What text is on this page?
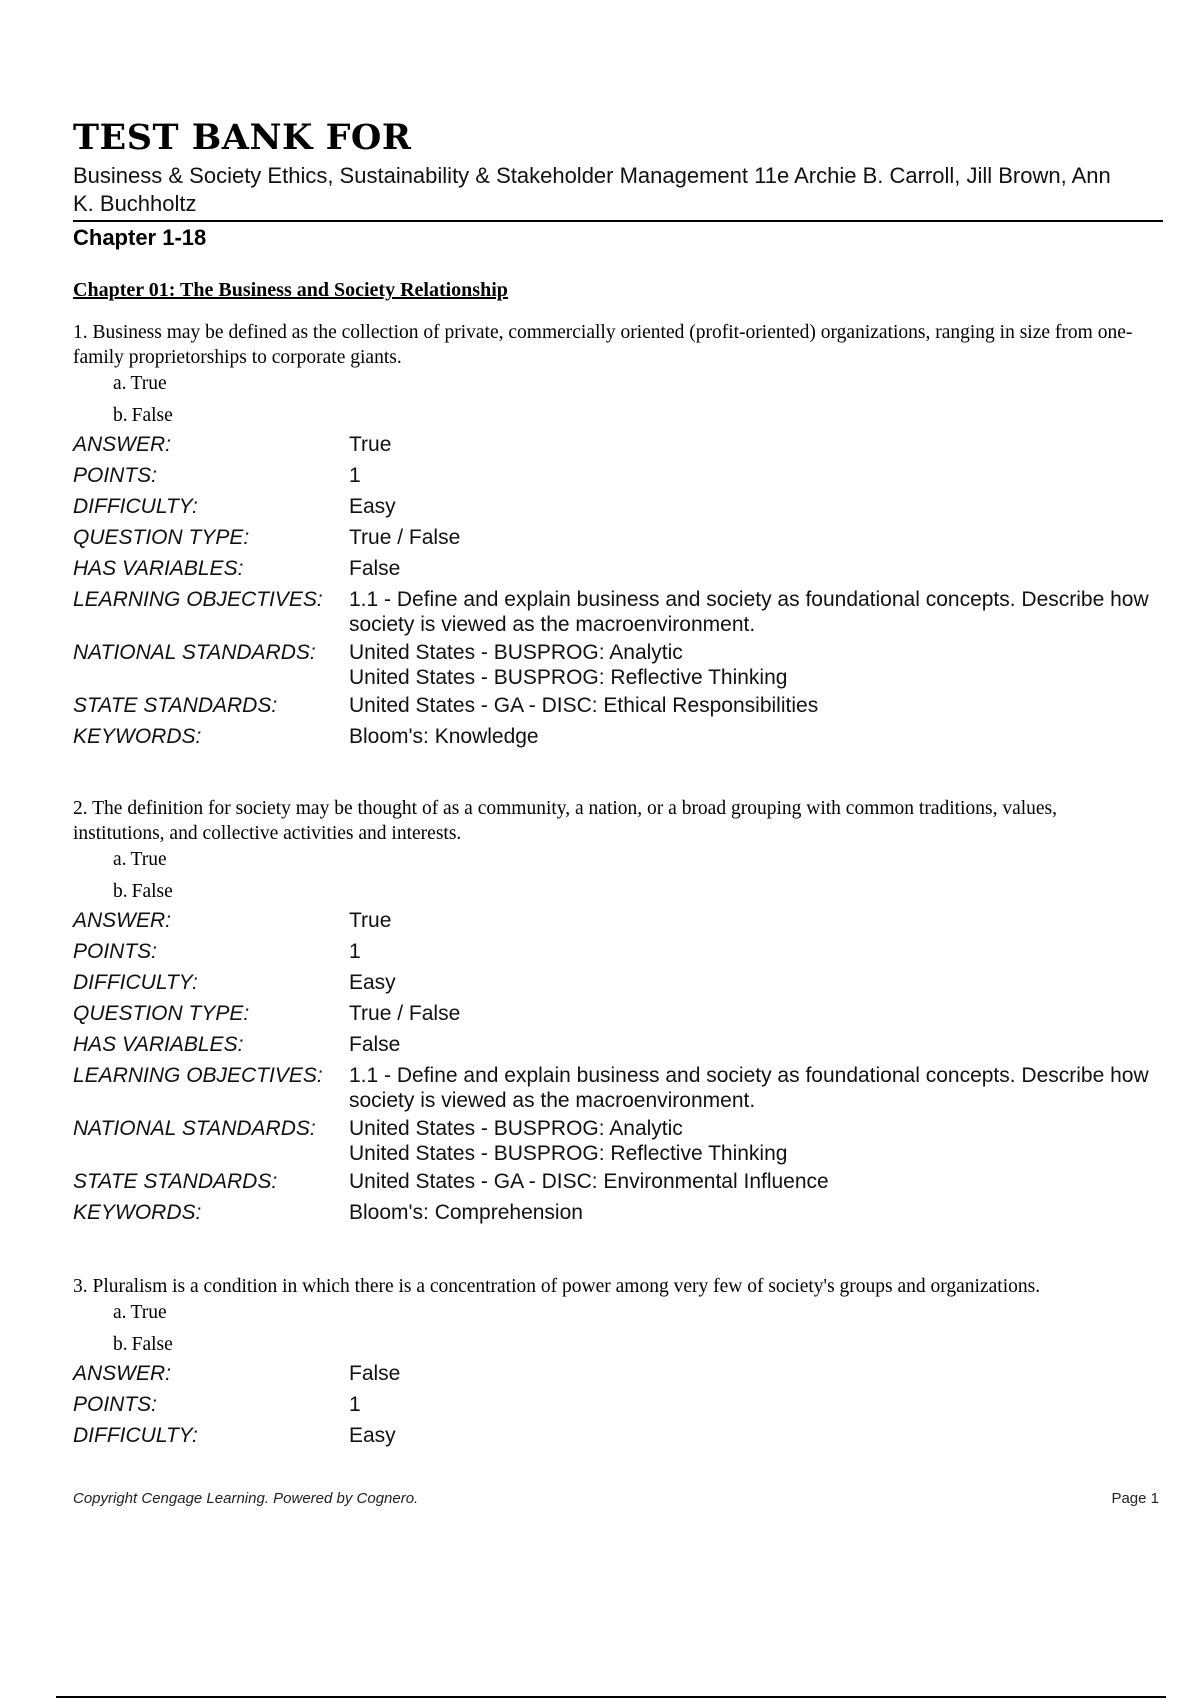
TEST BANK FOR
Business & Society Ethics, Sustainability & Stakeholder Management 11e Archie B. Carroll, Jill Brown, Ann K. Buchholtz
Chapter 1-18
Chapter 01: The Business and Society Relationship

1. Business may be defined as the collection of private, commercially oriented (profit-oriented) organizations, ranging in size from one-family proprietorships to corporate giants.

a. True
b. False
ANSWER:	True
POINTS:	1
DIFFICULTY:	Easy
QUESTION TYPE:	True / False
HAS VARIABLES:	False
LEARNING OBJECTIVES:	1.1 - Define and explain business and society as foundational concepts. Describe how society is viewed as the macroenvironment.
NATIONAL STANDARDS:	United States - BUSPROG: Analytic
United States - BUSPROG: Reflective Thinking
STATE STANDARDS:	United States - GA - DISC: Ethical Responsibilities
KEYWORDS:	Bloom's: Knowledge

2. The definition for society may be thought of as a community, a nation, or a broad grouping with common traditions, values, institutions, and collective activities and interests.

a. True
b. False
ANSWER:	True
POINTS:	1
DIFFICULTY:	Easy
QUESTION TYPE:	True / False
HAS VARIABLES:	False
LEARNING OBJECTIVES:	1.1 - Define and explain business and society as foundational concepts. Describe how society is viewed as the macroenvironment.
NATIONAL STANDARDS:	United States - BUSPROG: Analytic
United States - BUSPROG: Reflective Thinking
STATE STANDARDS:	United States - GA - DISC: Environmental Influence
KEYWORDS:	Bloom's: Comprehension

3. Pluralism is a condition in which there is a concentration of power among very few of society's groups and organizations.

a. True
b. False
ANSWER:	False
POINTS:	1
DIFFICULTY:	Easy
Copyright Cengage Learning. Powered by Cognero.	Page 1
